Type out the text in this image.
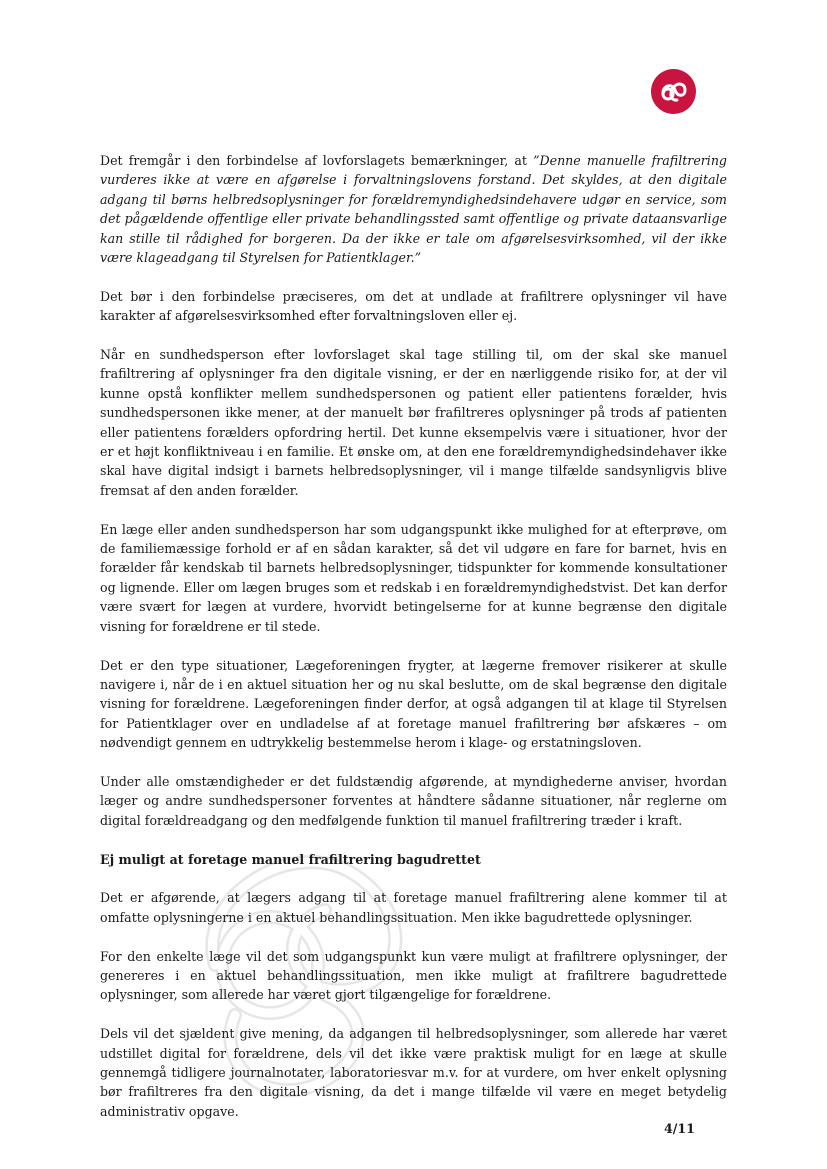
Det fremgår i den forbindelse af lovforslagets bemærkninger, at ”Denne manuelle frafiltrering vurderes ikke at være en afgørelse i forvaltningslovens forstand. Det skyldes, at den digitale adgang til børns helbredsoplysninger for forældremyndighedsindehavere udgør en service, som det pågældende offentlige eller private behandlingssted samt offentlige og private dataansvarlige kan stille til rådighed for borgeren. Da der ikke er tale om afgørelsesvirksomhed, vil der ikke være klageadgang til Styrelsen for Patientklager.”

Det bør i den forbindelse præciseres, om det at undlade at frafiltrere oplysninger vil have karakter af afgørelsesvirksomhed efter forvaltningsloven eller ej.

Når en sundhedsperson efter lovforslaget skal tage stilling til, om der skal ske manuel frafiltrering af oplysninger fra den digitale visning, er der en nærliggende risiko for, at der vil kunne opstå konflikter mellem sundhedspersonen og patient eller patientens forælder, hvis sundhedspersonen ikke mener, at der manuelt bør frafiltreres oplysninger på trods af patienten eller patientens forælders opfordring hertil. Det kunne eksempelvis være i situationer, hvor der er et højt konfliktniveau i en familie. Et ønske om, at den ene forældremyndighedsindehaver ikke skal have digital indsigt i barnets helbredsoplysninger, vil i mange tilfælde sandsynligvis blive fremsat af den anden forælder.

En læge eller anden sundhedsperson har som udgangspunkt ikke mulighed for at efterprøve, om de familiemæssige forhold er af en sådan karakter, så det vil udgøre en fare for barnet, hvis en forælder får kendskab til barnets helbredsoplysninger, tidspunkter for kommende konsultationer og lignende. Eller om lægen bruges som et redskab i en forældremyndighedstvist. Det kan derfor være svært for lægen at vurdere, hvorvidt betingelserne for at kunne begrænse den digitale visning for forældrene er til stede.

Det er den type situationer, Lægeforeningen frygter, at lægerne fremover risikerer at skulle navigere i, når de i en aktuel situation her og nu skal beslutte, om de skal begrænse den digitale visning for forældrene. Lægeforeningen finder derfor, at også adgangen til at klage til Styrelsen for Patientklager over en undladelse af at foretage manuel frafiltrering bør afskæres – om nødvendigt gennem en udtrykkelig bestemmelse herom i klage- og erstatningsloven.

Under alle omstændigheder er det fuldstændig afgørende, at myndighederne anviser, hvordan læger og andre sundhedspersoner forventes at håndtere sådanne situationer, når reglerne om digital forældreadgang og den medfølgende funktion til manuel frafiltrering træder i kraft.

Ej muligt at foretage manuel frafiltrering bagudrettet

Det er afgørende, at lægers adgang til at foretage manuel frafiltrering alene kommer til at omfatte oplysningerne i en aktuel behandlingssituation. Men ikke bagudrettede oplysninger.

For den enkelte læge vil det som udgangspunkt kun være muligt at frafiltrere oplysninger, der genereres i en aktuel behandlingssituation, men ikke muligt at frafiltrere bagudrettede oplysninger, som allerede har været gjort tilgængelige for forældrene.

Dels vil det sjældent give mening, da adgangen til helbredsoplysninger, som allerede har været udstillet digital for forældrene, dels vil det ikke være praktisk muligt for en læge at skulle gennemgå tidligere journalnotater, laboratoriesvar m.v. for at vurdere, om hver enkelt oplysning bør frafiltreres fra den digitale visning, da det i mange tilfælde vil være en meget betydelig administrativ opgave.

4/11
